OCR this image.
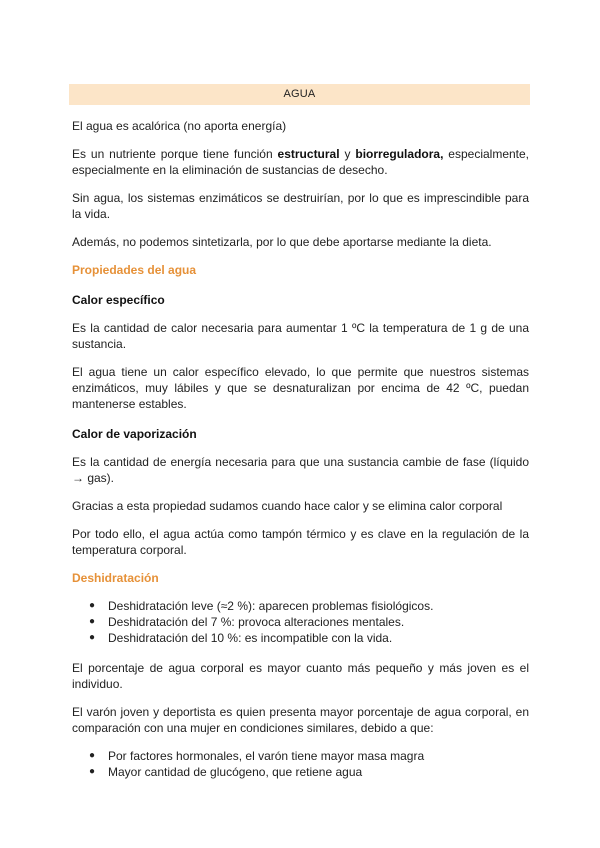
AGUA

El agua es acalórica (no aporta energía)

Es un nutriente porque tiene función estructural y biorreguladora, especialmente, especialmente en la eliminación de sustancias de desecho.

Sin agua, los sistemas enzimáticos se destruirían, por lo que es imprescindible para la vida.

Además, no podemos sintetizarla, por lo que debe aportarse mediante la dieta.

Propiedades del agua
Calor específico

Es la cantidad de calor necesaria para aumentar 1 ºC la temperatura de 1 g de una sustancia.

El agua tiene un calor específico elevado, lo que permite que nuestros sistemas enzimáticos, muy lábiles y que se desnaturalizan por encima de 42 ºC, puedan mantenerse estables.

Calor de vaporización

Es la cantidad de energía necesaria para que una sustancia cambie de fase (líquido → gas).

Gracias a esta propiedad sudamos cuando hace calor y se elimina calor corporal

Por todo ello, el agua actúa como tampón térmico y es clave en la regulación de la temperatura corporal.

Deshidratación
● Deshidratación leve (≈2 %): aparecen problemas fisiológicos.
● Deshidratación del 7 %: provoca alteraciones mentales.
● Deshidratación del 10 %: es incompatible con la vida.

El porcentaje de agua corporal es mayor cuanto más pequeño y más joven es el individuo.

El varón joven y deportista es quien presenta mayor porcentaje de agua corporal, en comparación con una mujer en condiciones similares, debido a que:

● Por factores hormonales, el varón tiene mayor masa magra
● Mayor cantidad de glucógeno, que retiene agua
